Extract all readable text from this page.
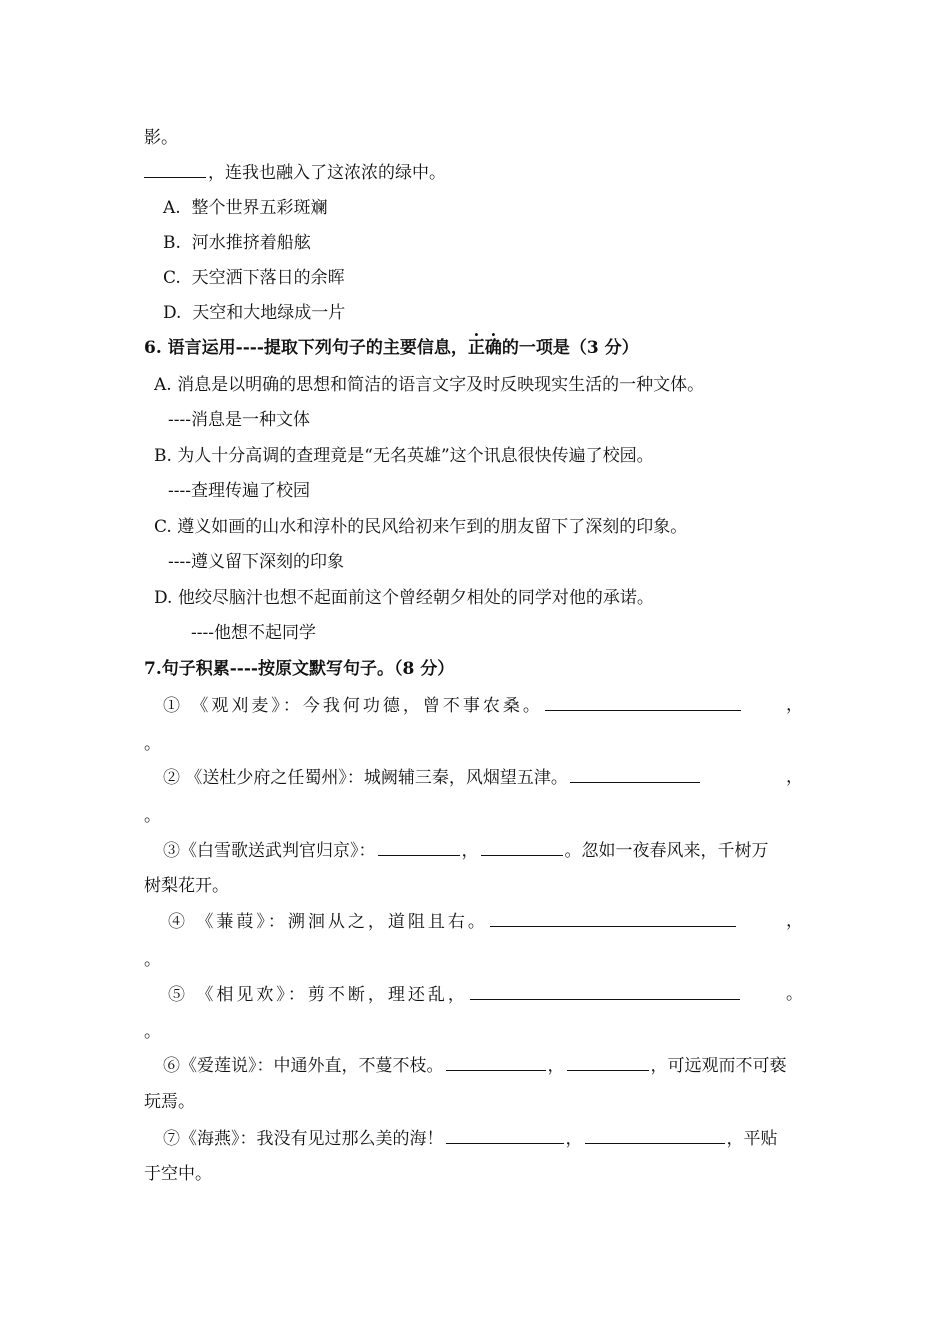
影。
，连我也融入了这浓浓的绿中。
A. 整个世界五彩斑斓
B. 河水推挤着船舷
C. 天空洒下落日的余晖
D. 天空和大地绿成一片
6. 语言运用----提取下列句子的主要信息，正确的一项是（3 分）
A. 消息是以明确的思想和简洁的语言文字及时反映现实生活的一种文体。
----消息是一种文体
B. 为人十分高调的查理竟是“无名英雄”这个讯息很快传遍了校园。
----查理传遍了校园
C. 遵义如画的山水和淳朴的民风给初来乍到的朋友留下了深刻的印象。
----遵义留下深刻的印象
D. 他绞尽脑汁也想不起面前这个曾经朝夕相处的同学对他的承诺。
----他想不起同学
7.句子积累----按原文默写句子。（8 分）
① 《观刈麦》：今我何功德，曾不事农桑。	，
。
② 《送杜少府之任蜀州》：城阙辅三秦，风烟望五津。	，
。
③《白雪歌送武判官归京》：	，	。忽如一夜春风来，千树万
树梨花开。
④ 《蒹葭》：溯洄从之，道阻且右。	，
。
⑤ 《相见欢》：剪不断，理还乱，	。
。
⑥《爱莲说》：中通外直，不蔓不枝。	，	，可远观而不可亵
玩焉。
⑦《海燕》：我没有见过那么美的海！	，	，平贴
于空中。
